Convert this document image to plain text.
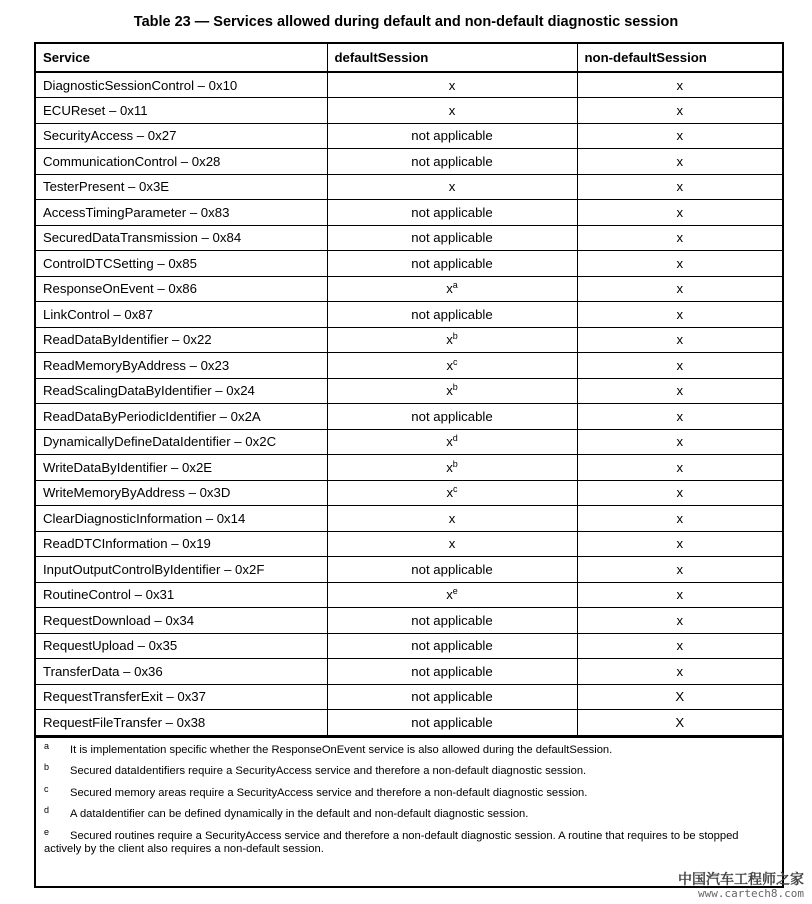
Table 23 — Services allowed during default and non-default diagnostic session
Service	defaultSession	non-defaultSession
DiagnosticSessionControl – 0x10	x	x
ECUReset – 0x11	x	x
SecurityAccess – 0x27	not applicable	x
CommunicationControl – 0x28	not applicable	x
TesterPresent – 0x3E	x	x
AccessTimingParameter – 0x83	not applicable	x
SecuredDataTransmission – 0x84	not applicable	x
ControlDTCSetting – 0x85	not applicable	x
ResponseOnEvent – 0x86	$x^a$	x
LinkControl – 0x87	not applicable	x
ReadDataByIdentifier – 0x22	$x^b$	x
ReadMemoryByAddress – 0x23	$x^c$	x
ReadScalingDataByIdentifier – 0x24	$x^b$	x
ReadDataByPeriodicIdentifier – 0x2A	not applicable	x
DynamicallyDefineDataIdentifier – 0x2C	$x^d$	x
WriteDataByIdentifier – 0x2E	$x^b$	x
WriteMemoryByAddress – 0x3D	$x^c$	x
ClearDiagnosticInformation – 0x14	x	x
ReadDTCInformation – 0x19	x	x
InputOutputControlByIdentifier – 0x2F	not applicable	x
RoutineControl – 0x31	$x^e$	x
RequestDownload – 0x34	not applicable	x
RequestUpload – 0x35	not applicable	x
TransferData – 0x36	not applicable	x
RequestTransferExit – 0x37	not applicable	X
RequestFileTransfer – 0x38	not applicable	X
a It is implementation specific whether the ResponseOnEvent service is also allowed during the defaultSession.
b Secured dataIdentifiers require a SecurityAccess service and therefore a non-default diagnostic session.
c Secured memory areas require a SecurityAccess service and therefore a non-default diagnostic session.
d A dataIdentifier can be defined dynamically in the default and non-default diagnostic session.
e Secured routines require a SecurityAccess service and therefore a non-default diagnostic session. A routine that requires to be stopped actively by the client also requires a non-default session.
中国汽车工程师之家
www.cartech8.com
